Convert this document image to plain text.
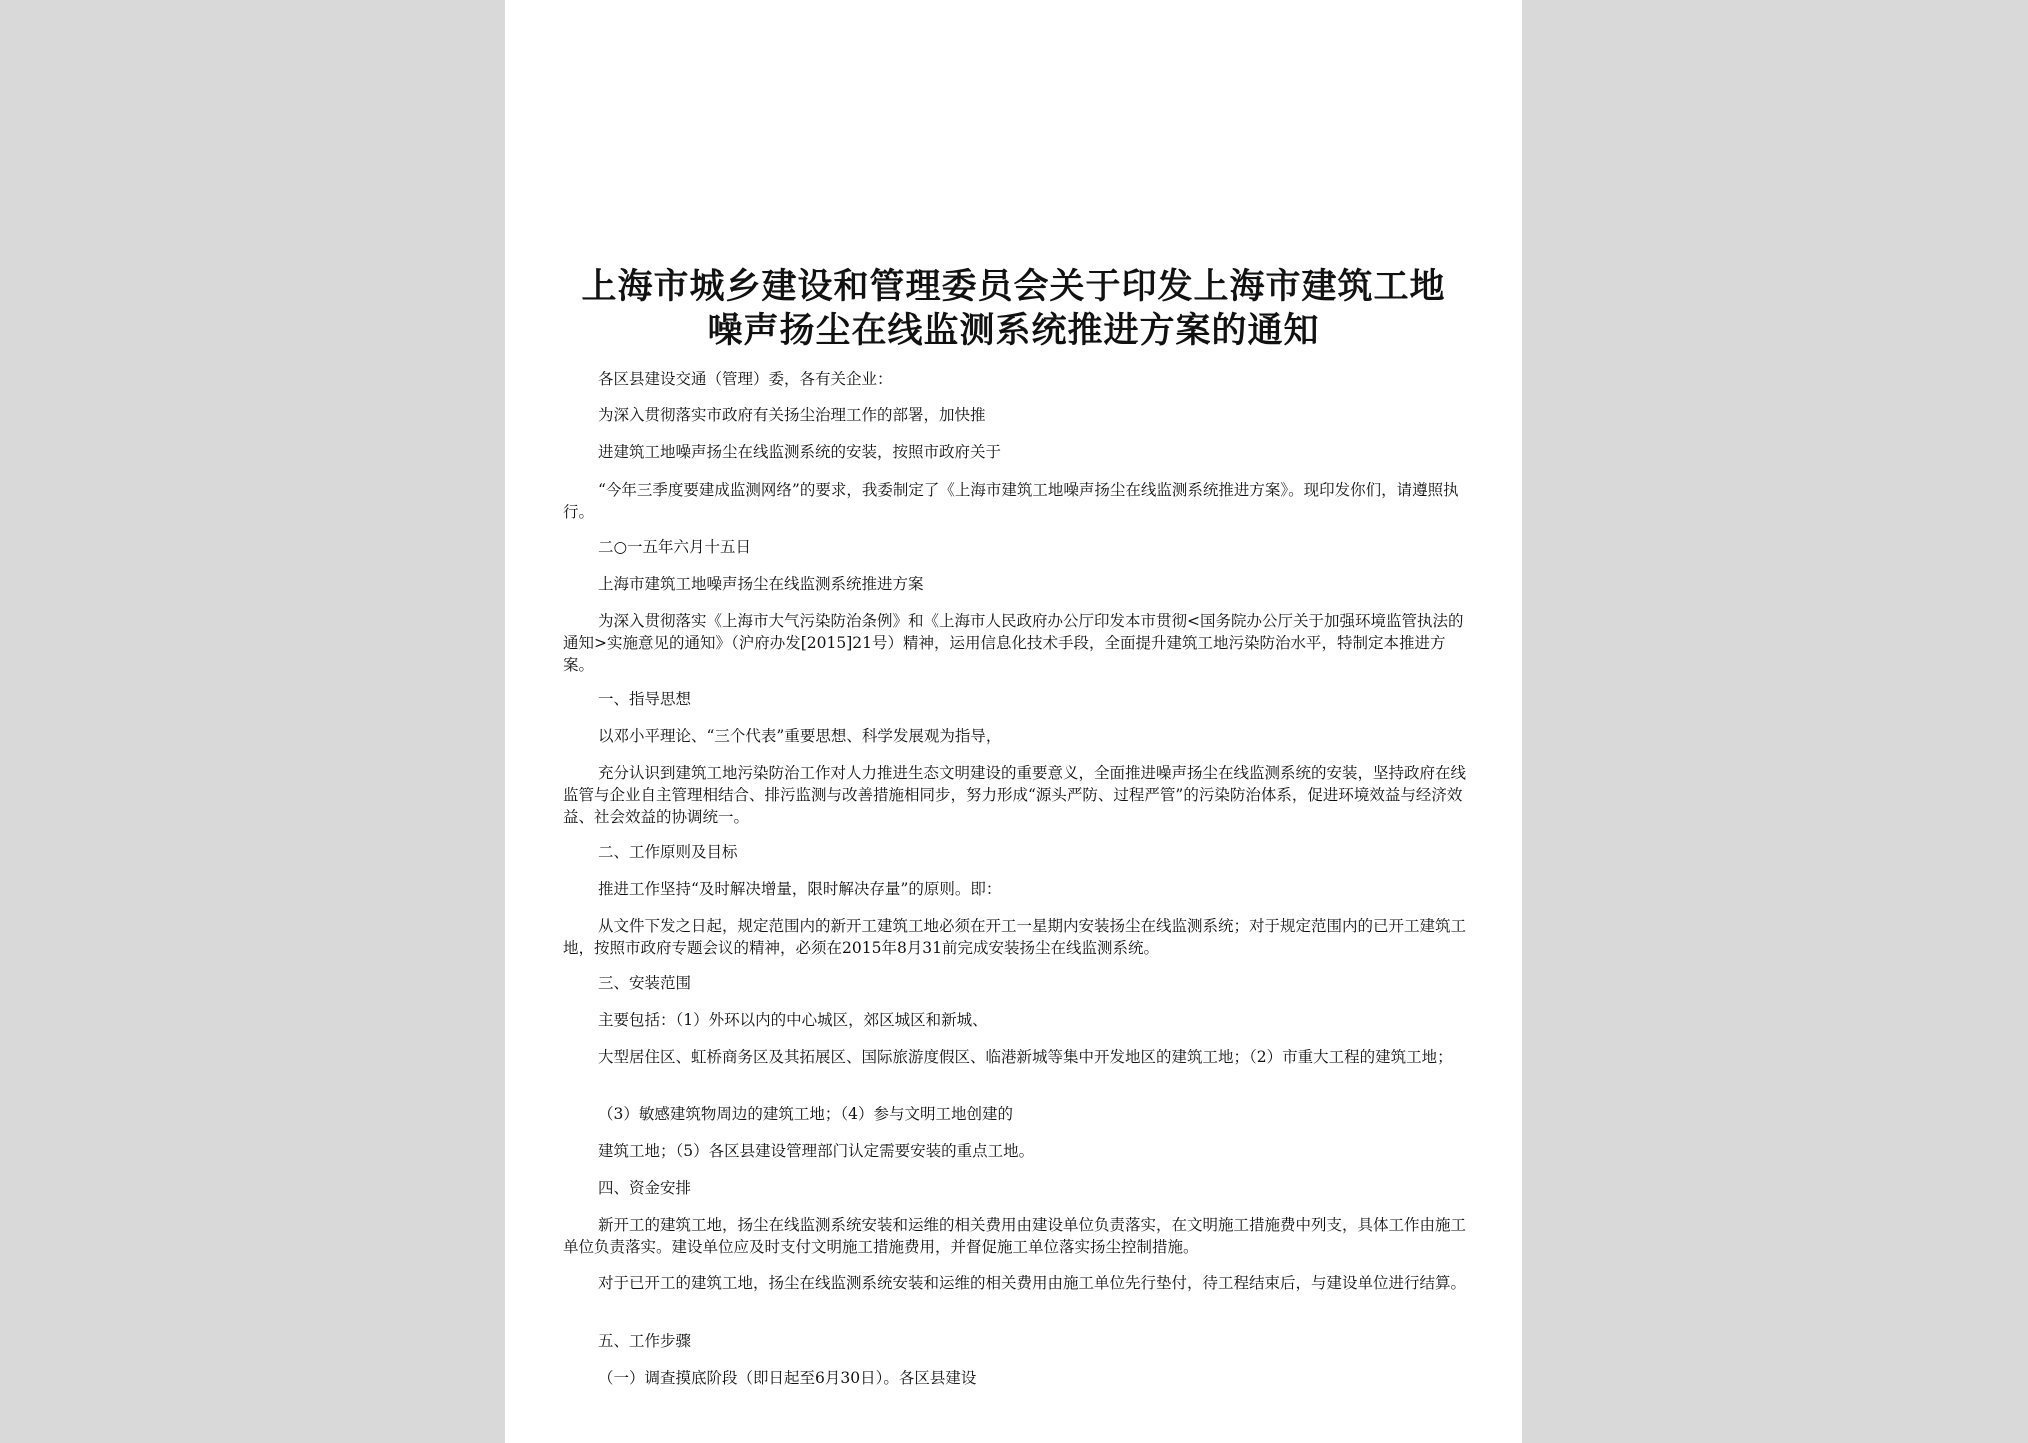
上海市城乡建设和管理委员会关于印发上海市建筑工地
噪声扬尘在线监测系统推进方案的通知

各区县建设交通（管理）委，各有关企业：

为深入贯彻落实市政府有关扬尘治理工作的部署，加快推

进建筑工地噪声扬尘在线监测系统的安装，按照市政府关于

“今年三季度要建成监测网络”的要求，我委制定了《上海市建筑工地噪声扬尘在线监测系统推进方案》。现印发你们，请遵照执行。

二○一五年六月十五日

上海市建筑工地噪声扬尘在线监测系统推进方案

为深入贯彻落实《上海市大气污染防治条例》和《上海市人民政府办公厅印发本市贯彻<国务院办公厅关于加强环境监管执法的通知>实施意见的通知》（沪府办发[2015]21号）精神，运用信息化技术手段，全面提升建筑工地污染防治水平，特制定本推进方案。

一、指导思想

以邓小平理论、“三个代表”重要思想、科学发展观为指导，

充分认识到建筑工地污染防治工作对人力推进生态文明建设的重要意义，全面推进噪声扬尘在线监测系统的安装，坚持政府在线监管与企业自主管理相结合、排污监测与改善措施相同步，努力形成“源头严防、过程严管”的污染防治体系，促进环境效益与经济效益、社会效益的协调统一。

二、工作原则及目标

推进工作坚持“及时解决增量，限时解决存量”的原则。即：

从文件下发之日起，规定范围内的新开工建筑工地必须在开工一星期内安装扬尘在线监测系统；对于规定范围内的已开工建筑工地，按照市政府专题会议的精神，必须在2015年8月31前完成安装扬尘在线监测系统。

三、安装范围

主要包括：（1）外环以内的中心城区，郊区城区和新城、

大型居住区、虹桥商务区及其拓展区、国际旅游度假区、临港新城等集中开发地区的建筑工地；（2）市重大工程的建筑工地；

（3）敏感建筑物周边的建筑工地；（4）参与文明工地创建的

建筑工地；（5）各区县建设管理部门认定需要安装的重点工地。

四、资金安排

新开工的建筑工地，扬尘在线监测系统安装和运维的相关费用由建设单位负责落实，在文明施工措施费中列支，具体工作由施工单位负责落实。建设单位应及时支付文明施工措施费用，并督促施工单位落实扬尘控制措施。

对于已开工的建筑工地，扬尘在线监测系统安装和运维的相关费用由施工单位先行垫付，待工程结束后，与建设单位进行结算。

五、工作步骤

（一）调查摸底阶段（即日起至6月30日）。各区县建设
